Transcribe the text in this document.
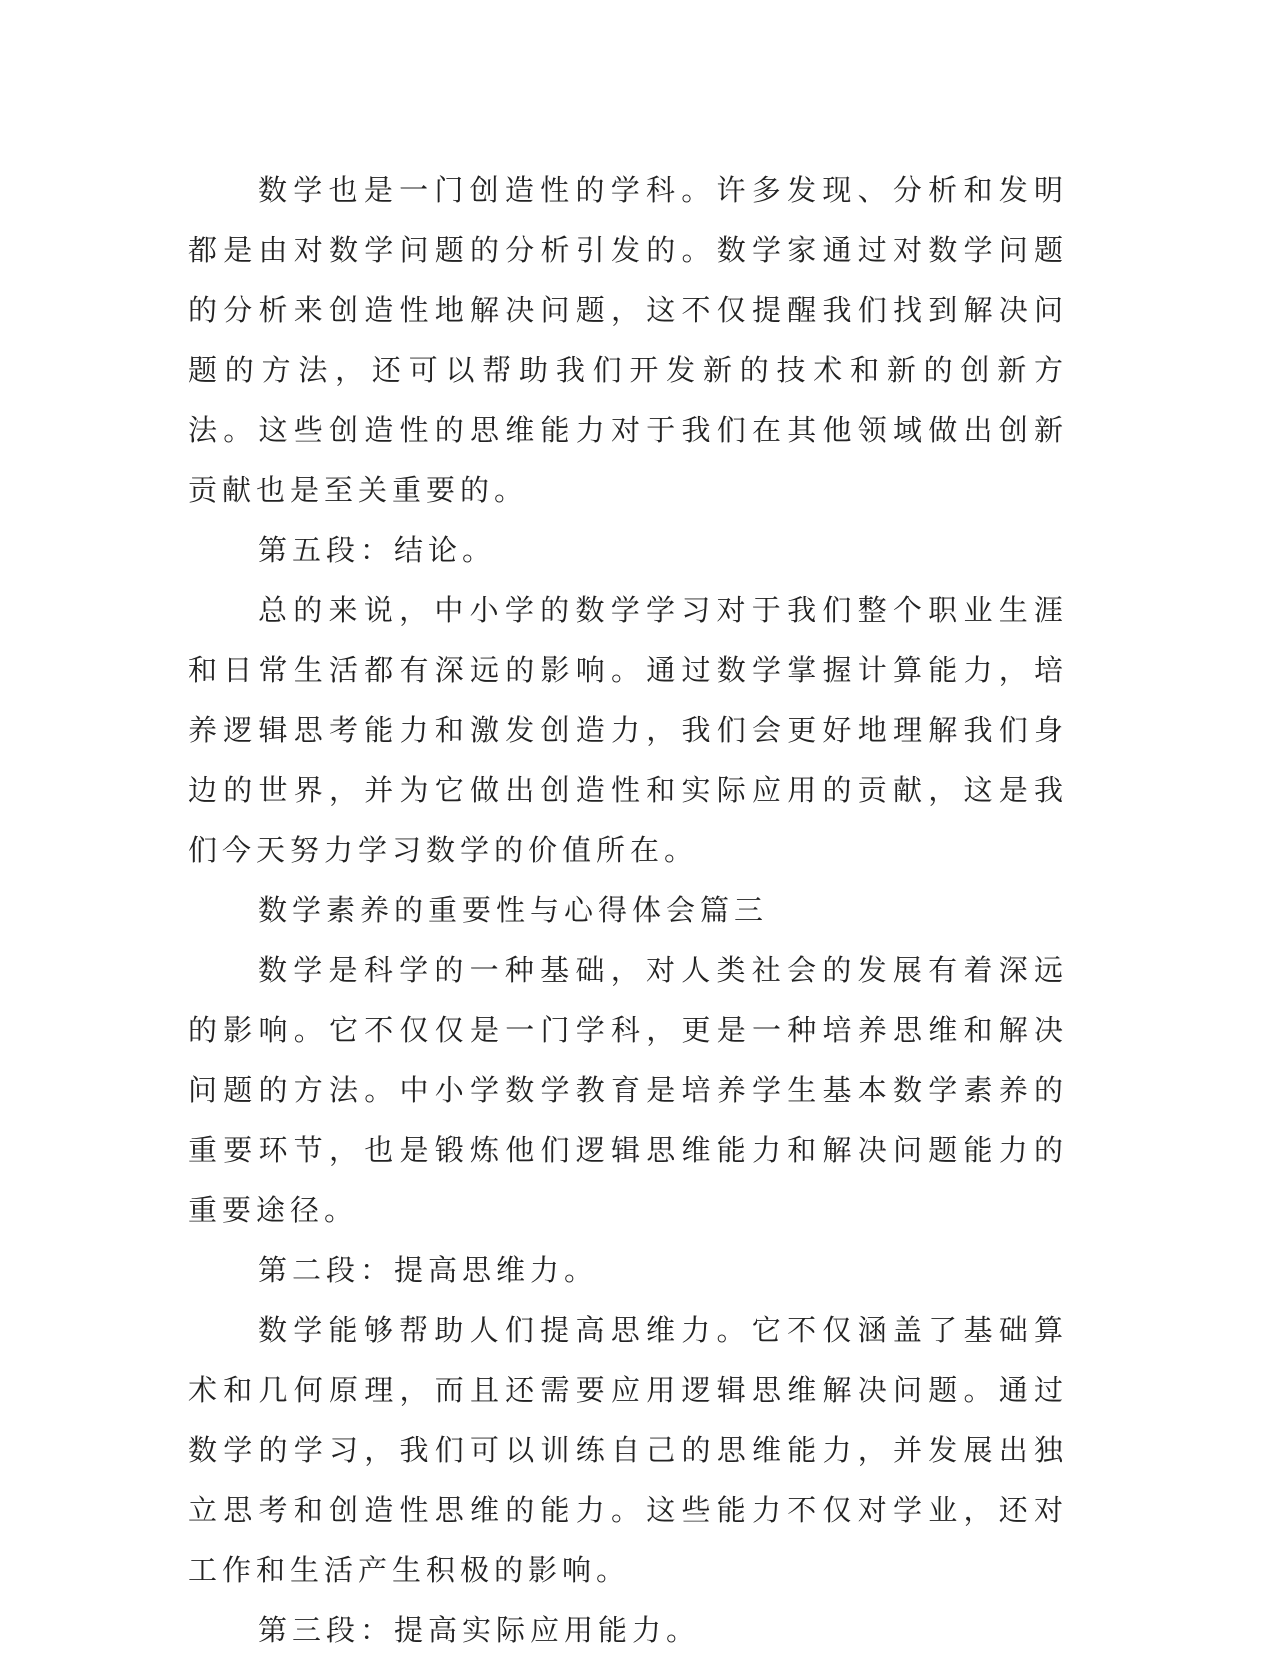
数学也是一门创造性的学科。许多发现、分析和发明都是由对数学问题的分析引发的。数学家通过对数学问题的分析来创造性地解决问题，这不仅提醒我们找到解决问题的方法，还可以帮助我们开发新的技术和新的创新方法。这些创造性的思维能力对于我们在其他领域做出创新贡献也是至关重要的。

第五段：结论。

总的来说，中小学的数学学习对于我们整个职业生涯和日常生活都有深远的影响。通过数学掌握计算能力，培养逻辑思考能力和激发创造力，我们会更好地理解我们身边的世界，并为它做出创造性和实际应用的贡献，这是我们今天努力学习数学的价值所在。

数学素养的重要性与心得体会篇三

数学是科学的一种基础，对人类社会的发展有着深远的影响。它不仅仅是一门学科，更是一种培养思维和解决问题的方法。中小学数学教育是培养学生基本数学素养的重要环节，也是锻炼他们逻辑思维能力和解决问题能力的重要途径。

第二段：提高思维力。

数学能够帮助人们提高思维力。它不仅涵盖了基础算术和几何原理，而且还需要应用逻辑思维解决问题。通过数学的学习，我们可以训练自己的思维能力，并发展出独立思考和创造性思维的能力。这些能力不仅对学业，还对工作和生活产生积极的影响。

第三段：提高实际应用能力。
